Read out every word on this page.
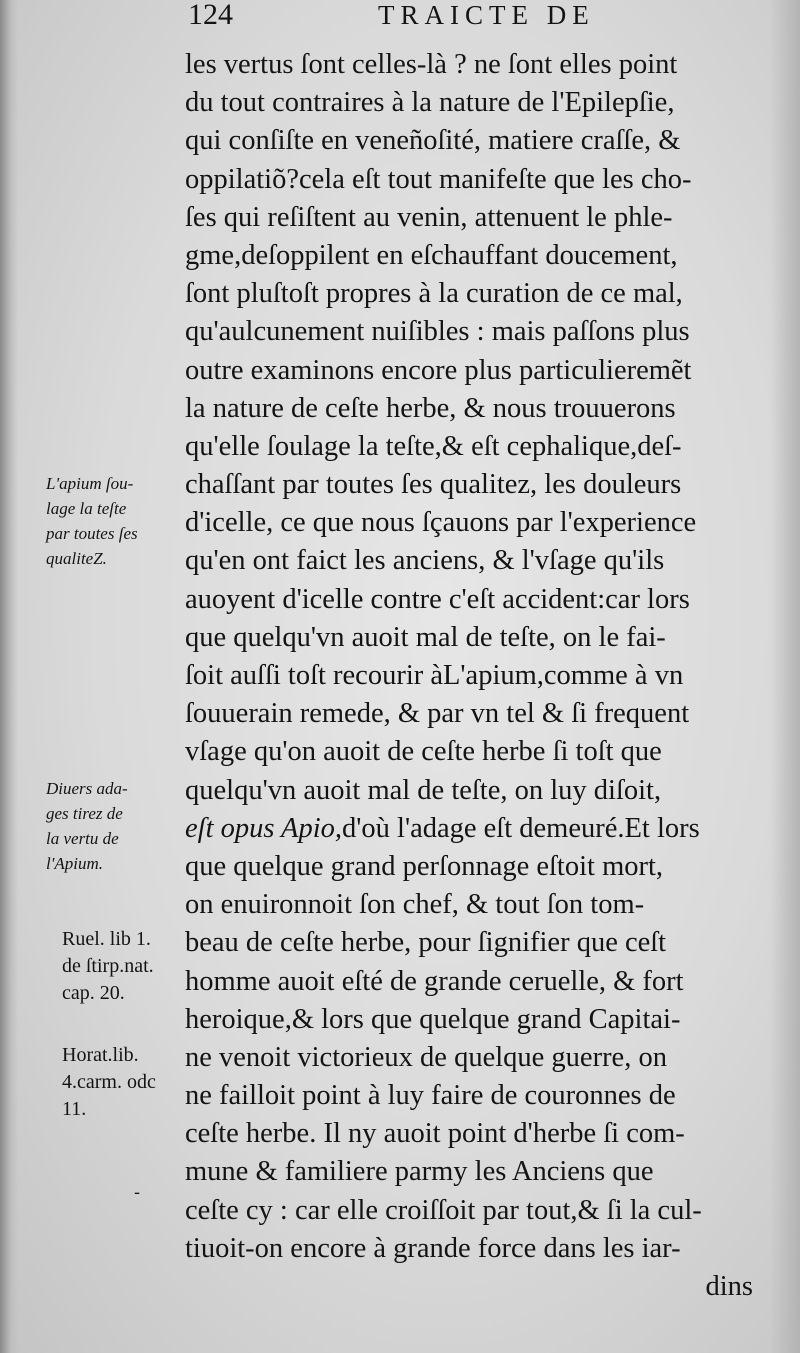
124	TRAICTE DE
les vertus ſont celles-là ? ne ſont elles point
du tout contraires à la nature de l'Epilepſie,
qui conſiſte en veneñoſité, matiere craſſe, &
oppilatiõ?cela eſt tout manifeſte que les cho-
ſes qui reſiſtent au venin, attenuent le phle-
gme,deſoppilent en eſchauffant doucement,
ſont pluſtoſt propres à la curation de ce mal,
qu'aulcunement nuiſibles : mais paſſons plus
outre examinons encore plus particulieremẽt
la nature de ceſte herbe, & nous trouuerons
qu'elle ſoulage la teſte,& eſt cephalique,deſ-
chaſſant par toutes ſes qualitez, les douleurs
d'icelle, ce que nous ſçauons par l'experience
qu'en ont faict les anciens, & l'vſage qu'ils
auoyent d'icelle contre c'eſt accident:car lors
que quelqu'vn auoit mal de teſte, on le fai-
ſoit auſſi toſt recourir àL'apium,comme à vn
ſouuerain remede, & par vn tel & ſi frequent
vſage qu'on auoit de ceſte herbe ſi toſt que
quelqu'vn auoit mal de teſte, on luy diſoit,
eſt opus Apio,d'où l'adage eſt demeuré.Et lors
que quelque grand perſonnage eſtoit mort,
on enuironnoit ſon chef, & tout ſon tom-
beau de ceſte herbe, pour ſignifier que ceſt
homme auoit eſté de grande ceruelle, & fort
heroique,& lors que quelque grand Capitai-
ne venoit victorieux de quelque guerre, on
ne failloit point à luy faire de couronnes de
ceſte herbe. Il ny auoit point d'herbe ſi com-
mune & familiere parmy les Anciens que
ceſte cy : car elle croiſſoit par tout,& ſi la cul-
tiuoit-on encore à grande force dans les iar-
dins
L'apium ſou-
lage la teſte
par toutes ſes
qualiteZ.
Diuers ada-
ges tirez de
la vertu de
l'Apium.
Ruel. lib 1.
de ſtirp.nat.
cap. 20.
Horat.lib.
4.carm. odc
11.
-
